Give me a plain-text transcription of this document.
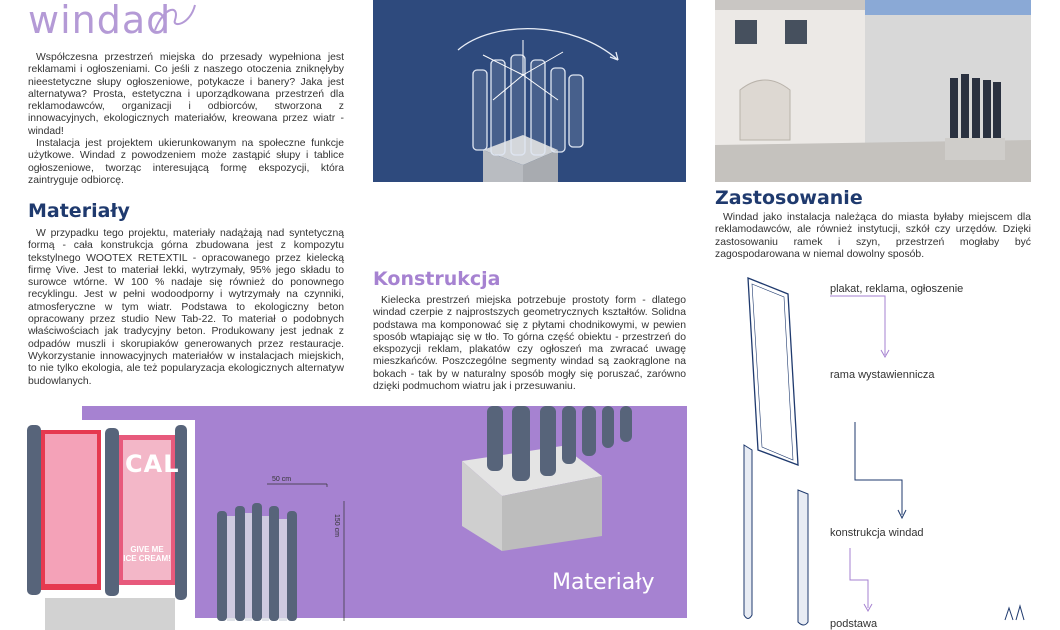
windad

Współczesna przestrzeń miejska do przesady wypełniona jest reklamami i ogłoszeniami. Co jeśli z naszego otoczenia zniknęłyby nieestetyczne słupy ogłoszeniowe, potykacze i banery? Jaka jest alternatywa? Prosta, estetyczna i uporządkowana przestrzeń dla reklamodawców, organizacji i odbiorców, stworzona z innowacyjnych, ekologicznych materiałów, kreowana przez wiatr - windad!

Instalacja jest projektem ukierunkowanym na społeczne funkcje użytkowe. Windad z powodzeniem może zastąpić słupy i tablice ogłoszeniowe, tworząc interesującą formę ekspozycji, która zaintryguje odbiorcę.

Materiały

W przypadku tego projektu, materiały nadążają nad syntetyczną formą - cała konstrukcja górna zbudowana jest z kompozytu tekstylnego WOOTEX RETEXTIL - opracowanego przez kielecką firmę Vive. Jest to materiał lekki, wytrzymały, 95% jego składu to surowce wtórne. W 100 % nadaje się również do ponownego recyklingu. Jest w pełni wodoodporny i wytrzymały na czynniki, atmosferyczne w tym wiatr. Podstawa to ekologiczny beton opracowany przez studio New Tab-22. To materiał o podobnych właściwościach jak tradycyjny beton. Produkowany jest jednak z odpadów muszli i skorupiaków generowanych przez restauracje. Wykorzystanie innowacyjnych materiałów w instalacjach miejskich, to nie tylko ekologia, ale też popularyzacja ekologicznych alternatyw budowlanych.

Konstrukcja

Kielecka prestrzeń miejska potrzebuje prostoty form - dlatego windad czerpie z najprostszych geometrycznych kształtów. Solidna podstawa ma komponować się z płytami chodnikowymi, w pewien sposób wtapiając się w tło. To górna część obiektu - przestrzeń do ekspozycji reklam, plakatów czy ogłoszeń ma zwracać uwagę mieszkańców. Poszczególne segmenty windad są zaokrąglone na bokach - tak by w naturalny sposób mogły się poruszać, zarówno dzięki podmuchom wiatru jak i przesuwaniu.

Zastosowanie

Windad jako instalacja należąca do miasta byłaby miejscem dla reklamodawców, ale również instytucji, szkół czy urzędów. Dzięki zastosowaniu ramek i szyn, przestrzeń mogłaby być zagospodarowana w niemal dowolny sposób.

plakat, reklama, ogłoszenie
rama wystawiennicza
konstrukcja windad
podstawa
50 cm
150 cm
Materiały
CAL
GIVE ME ICE CREAM!
